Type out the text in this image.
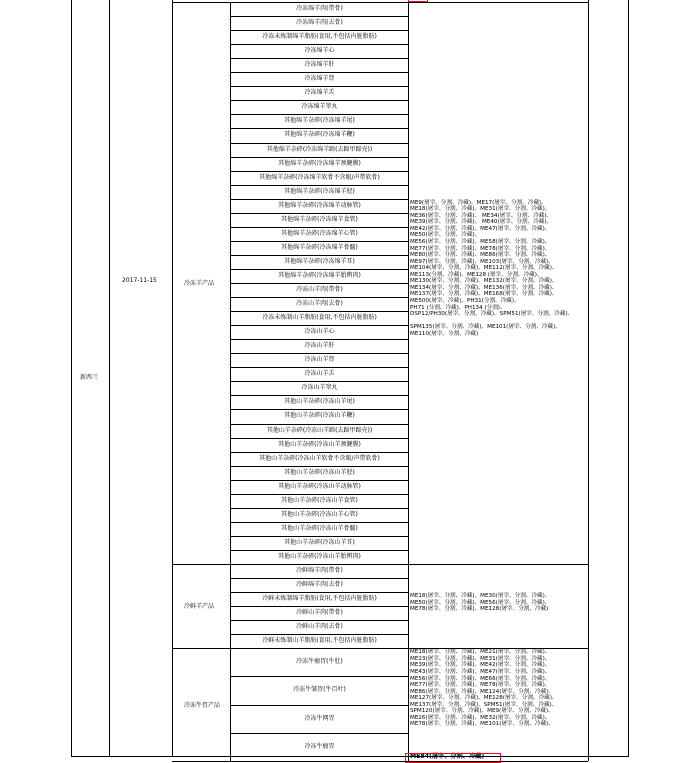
新西兰
2017-11-15
冷冻绵羊肉(带骨)
冷冻绵羊肉(去骨)
冷冻未炼制绵羊脂肪(食用,不包括内脏脂肪)
冷冻绵羊心
冷冻绵羊肝
冷冻绵羊肾
冷冻绵羊舌
冷冻绵羊睾丸
其他绵羊杂碎(冷冻绵羊尾)
其他绵羊杂碎(冷冻绵羊鞭)
其他绵羊杂碎(冷冻绵羊蹄(去蹄甲蹄壳))
其他绵羊杂碎(冷冻绵羊颈腱膜)
其他绵羊杂碎(冷冻绵羊软骨不含眼/声带软骨)
其他绵羊杂碎(冷冻绵羊胫)
其他绵羊杂碎(冷冻绵羊动脉管)
其他绵羊杂碎(冷冻绵羊食管)
其他绵羊杂碎(冷冻绵羊心管)
其他绵羊杂碎(冷冻绵羊骨髓)
其他绵羊杂碎(冷冻绵羊耳)
其他绵羊杂碎(冷冻绵羊胎辨肉)
冷冻山羊肉(带骨)
冷冻山羊肉(去骨)
冷冻未炼制山羊脂肪(食用,不包括内脏脂肪)
冷冻山羊心
冷冻山羊肝
冷冻山羊肾
冷冻山羊舌
冷冻山羊睾丸
其他山羊杂碎(冷冻山羊尾)
其他山羊杂碎(冷冻山羊鞭)
其他山羊杂碎(冷冻山羊蹄(去蹄甲蹄壳))
其他山羊杂碎(冷冻山羊颈腱膜)
其他山羊杂碎(冷冻山羊软骨不含眼/声带软骨)
其他山羊杂碎(冷冻山羊胫)
其他山羊杂碎(冷冻山羊动脉管)
其他山羊杂碎(冷冻山羊食管)
其他山羊杂碎(冷冻山羊心管)
其他山羊杂碎(冷冻山羊骨髓)
其他山羊杂碎(冷冻山羊耳)
其他山羊杂碎(冷冻山羊胎辨肉)
冷冻羊产品
ME9(屠宰、分割、冷藏)、ME17(屠宰、分割、冷藏)、
ME18(屠宰、分割、冷藏)、ME31(屠宰、分割、冷藏)、
ME36(屠宰、分割、冷藏)、 ME34(屠宰、分割、冷藏)、
ME39(屠宰、分割、冷藏)、 ME40(屠宰、分割、冷藏)、
ME42(屠宰、分割、冷藏)、ME47(屠宰、分割、冷藏)、
ME50(屠宰、分割、冷藏)、
ME56(屠宰、分割、冷藏)、ME58(屠宰、分割、冷藏)、
ME77(屠宰、分割、冷藏)、ME78(屠宰、分割、冷藏)、
ME80(屠宰、分割、冷藏)、ME86(屠宰、分割、冷藏)、
ME97(屠宰、分割、冷藏)、ME103(屠宰、分割、冷藏)、
ME104(屠宰、分割、冷藏)、ME112(屠宰、分割、冷藏)、
ME113(分割、冷藏)、ME128 (屠宰、分割、冷藏)、
ME130(屠宰、分割、冷藏)、ME132(屠宰、分割、冷藏)、
ME134(屠宰、分割、冷藏)、ME136(屠宰、分割、冷藏)、
ME137(屠宰、分割、冷藏)、ME168(屠宰、分割、冷藏)、
ME500(屠宰、冷藏)、PH31(分割、冷藏)、
PH71 (分割、冷藏)、PH134 (分割)、
DSP12/PH30(屠宰、分割、冷藏)、SPM51(屠宰、分割、冷藏)、
SPM135(屠宰、分割、冷藏)、ME101(屠宰、分割、冷藏)、
ME110(屠宰、分割、冷藏)
冷鲜绵羊肉(带骨)
冷鲜绵羊肉(去骨)
冷鲜未炼制绵羊脂肪(食用,不包括内脏脂肪)
冷鲜山羊肉(带骨)
冷鲜山羊肉(去骨)
冷鲜未炼制山羊脂肪(食用,不包括内脏脂肪)
冷鲜羊产品
ME18(屠宰、分割、冷藏)、ME30(屠宰、分割、冷藏)、
ME50(屠宰、分割、冷藏)、ME56(屠宰、分割、冷藏)、
ME78(屠宰、分割、冷藏)、ME128(屠宰、分割、冷藏)
冷冻牛瘤胃(牛肚)
冷冻牛皱胃(牛百叶)
冷冻牛网胃
冷冻牛瘤胃
冷冻牛胃产品
ME18(屠宰、分割、冷藏)、ME21(屠宰、分割、冷藏)、
ME23(屠宰、分割、冷藏)、ME31(屠宰、分割、冷藏)、
ME39(屠宰、分割、冷藏)、ME42(屠宰、分割、冷藏)、
ME43(屠宰、分割、冷藏)、ME47(屠宰、分割、冷藏)、
ME56(屠宰、分割、冷藏)、ME66(屠宰、分割、冷藏)、
ME77(屠宰、分割、冷藏)、ME78(屠宰、分割、冷藏)、
ME86(屠宰、分割、冷藏)、ME124(屠宰、分割、冷藏)、
ME127(屠宰、分割、冷藏)、ME128(屠宰、分割、冷藏)、
ME137(屠宰、分割、冷藏)、SPM51(屠宰、分割、冷藏)、
SPM120(屠宰、分割、冷藏)、ME9(屠宰、分割、冷藏)、
ME26(屠宰、分割、冷藏)、ME32(屠宰、分割、冷藏)、
ME78(屠宰、分割、冷藏)、ME101(屠宰、分割、冷藏)、
